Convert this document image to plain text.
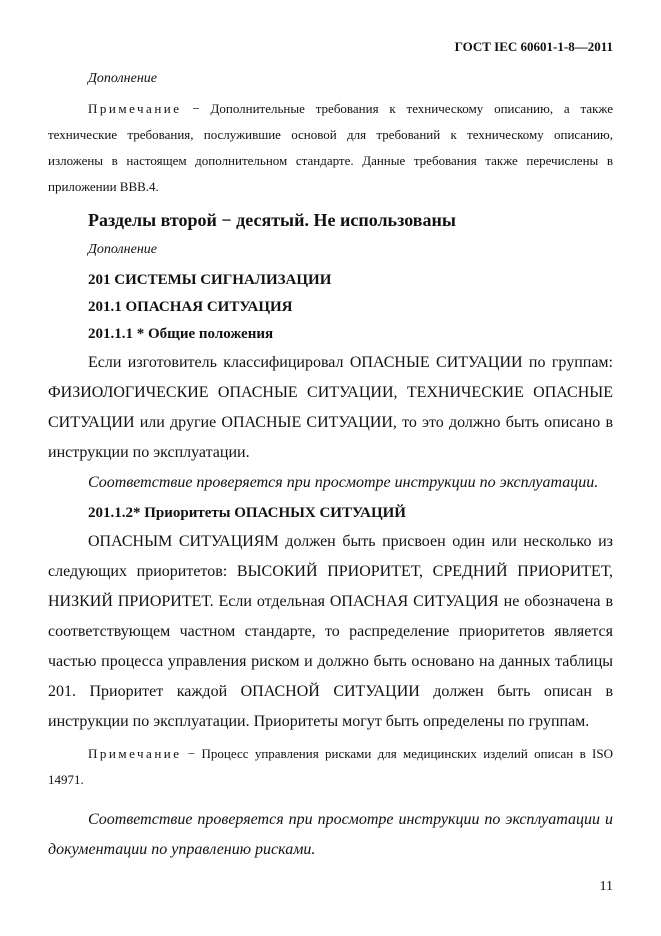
ГОСТ IEC 60601-1-8—2011

Дополнение

Примечание − Дополнительные требования к техническому описанию, а также технические требования, послужившие основой для требований к техническому описанию, изложены в настоящем дополнительном стандарте. Данные требования также перечислены в приложении ВВВ.4.

Разделы второй − десятый. Не использованы

Дополнение

201 СИСТЕМЫ СИГНАЛИЗАЦИИ
201.1 ОПАСНАЯ СИТУАЦИЯ
201.1.1 * Общие положения

Если изготовитель классифицировал ОПАСНЫЕ СИТУАЦИИ по группам: ФИЗИОЛОГИЧЕСКИЕ ОПАСНЫЕ СИТУАЦИИ, ТЕХНИЧЕСКИЕ ОПАСНЫЕ СИТУАЦИИ или другие ОПАСНЫЕ СИТУАЦИИ, то это должно быть описано в инструкции по эксплуатации.

Соответствие проверяется при просмотре инструкции по эксплуатации.

201.1.2* Приоритеты ОПАСНЫХ СИТУАЦИЙ

ОПАСНЫМ СИТУАЦИЯМ должен быть присвоен один или несколько из следующих приоритетов: ВЫСОКИЙ ПРИОРИТЕТ, СРЕДНИЙ ПРИОРИТЕТ, НИЗКИЙ ПРИОРИТЕТ. Если отдельная ОПАСНАЯ СИТУАЦИЯ не обозначена в соответствующем частном стандарте, то распределение приоритетов является частью процесса управления риском и должно быть основано на данных таблицы 201. Приоритет каждой ОПАСНОЙ СИТУАЦИИ должен быть описан в инструкции по эксплуатации. Приоритеты могут быть определены по группам.

Примечание − Процесс управления рисками для медицинских изделий описан в ISO 14971.

Соответствие проверяется при просмотре инструкции по эксплуатации и документации по управлению рисками.

11
